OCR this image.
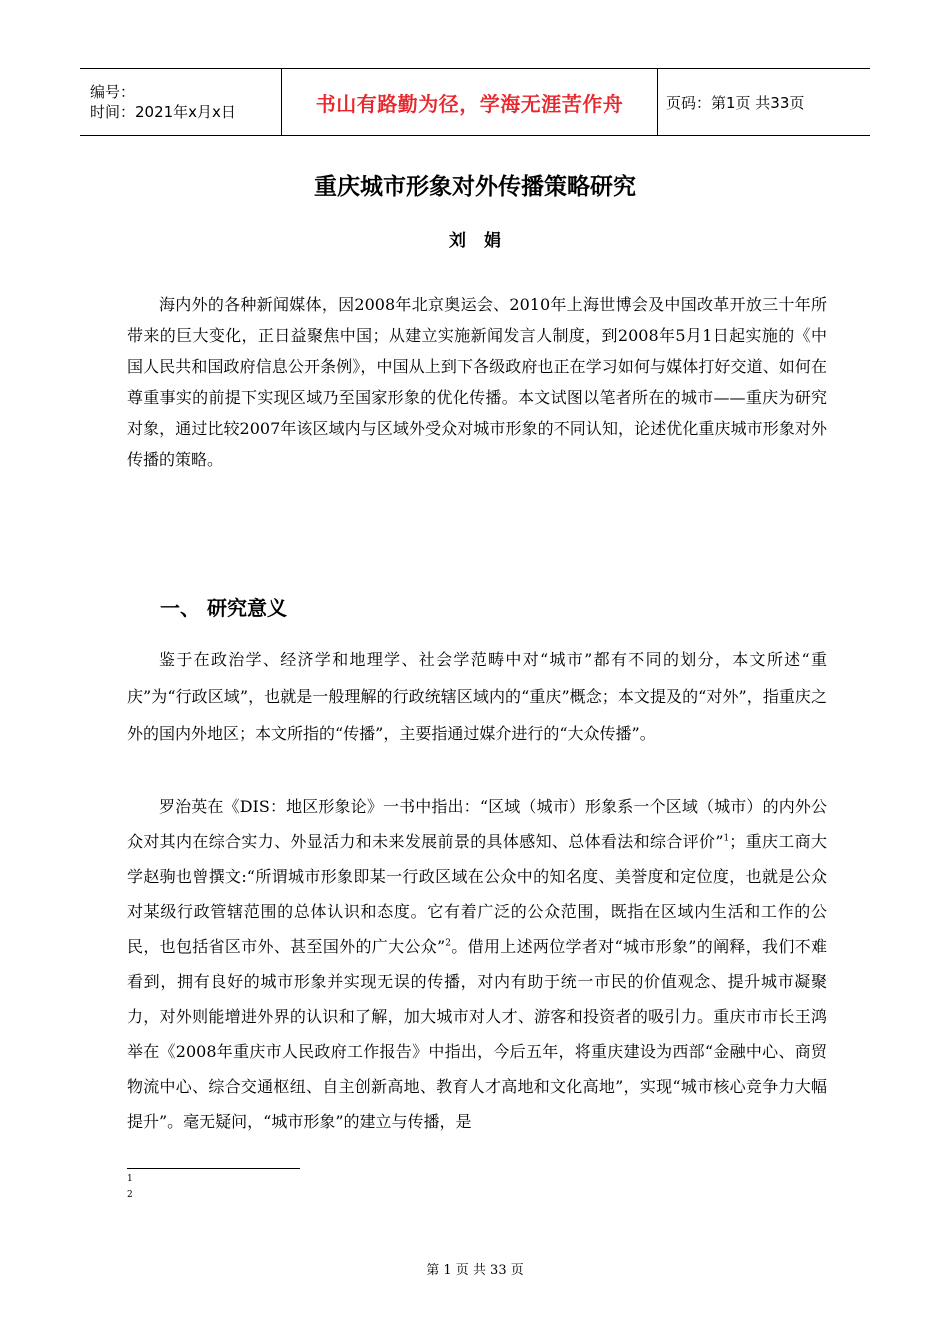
编号：
时间：2021年x月x日	书山有路勤为径，学海无涯苦作舟	页码：第1页 共33页
重庆城市形象对外传播策略研究
刘娟

海内外的各种新闻媒体，因2008年北京奥运会、2010年上海世博会及中国改革开放三十年所带来的巨大变化，正日益聚焦中国；从建立实施新闻发言人制度，到2008年5月1日起实施的《中国人民共和国政府信息公开条例》，中国从上到下各级政府也正在学习如何与媒体打好交道、如何在尊重事实的前提下实现区域乃至国家形象的优化传播。本文试图以笔者所在的城市——重庆为研究对象，通过比较2007年该区域内与区域外受众对城市形象的不同认知，论述优化重庆城市形象对外传播的策略。

一、 研究意义

鉴于在政治学、经济学和地理学、社会学范畴中对“城市”都有不同的划分，本文所述“重庆”为“行政区域”，也就是一般理解的行政统辖区域内的“重庆”概念；本文提及的“对外”，指重庆之外的国内外地区；本文所指的“传播”，主要指通过媒介进行的“大众传播”。

罗治英在《DIS：地区形象论》一书中指出：“区域（城市）形象系一个区域（城市）的内外公众对其内在综合实力、外显活力和未来发展前景的具体感知、总体看法和综合评价”$^1$；重庆工商大学赵驹也曾撰文:“所谓城市形象即某一行政区域在公众中的知名度、美誉度和定位度，也就是公众对某级行政管辖范围的总体认识和态度。它有着广泛的公众范围，既指在区域内生活和工作的公民，也包括省区市外、甚至国外的广大公众”$^2$。借用上述两位学者对“城市形象”的阐释，我们不难看到，拥有良好的城市形象并实现无误的传播，对内有助于统一市民的价值观念、提升城市凝聚力，对外则能增进外界的认识和了解，加大城市对人才、游客和投资者的吸引力。重庆市市长王鸿举在《2008年重庆市人民政府工作报告》中指出，今后五年，将重庆建设为西部“金融中心、商贸物流中心、综合交通枢纽、自主创新高地、教育人才高地和文化高地”，实现“城市核心竞争力大幅提升”。毫无疑问，“城市形象”的建立与传播，是

1
2
第 1 页 共 33 页
